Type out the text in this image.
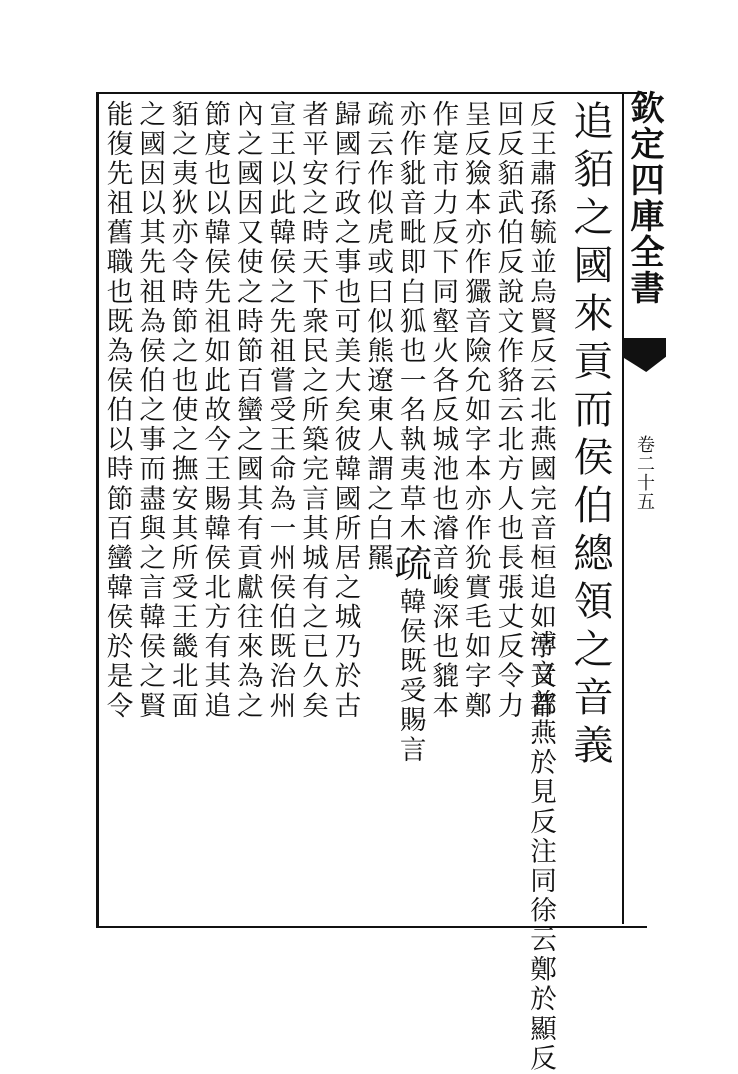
欽定四庫全書
卷二十五
追貊之國來貢而侯伯總領之音義
溥音普燕於見反注同徐云鄭於顯反
反王肅孫毓並烏賢反云北燕國完音桓追如字又都
回反貊武伯反說文作貉云北方人也長張丈反令力
呈反獫本亦作玁音險允如字本亦作狁實毛如字鄭
作寔市力反下同壑火各反城池也濬音峻深也貔本
亦作豼音毗即白狐也一名執夷草木疏韓侯既受賜言
疏云作似虎或曰似熊遼東人謂之白羆
歸國行政之事也可美大矣彼韓國所居之城乃於古
者平安之時天下衆民之所築完言其城有之已久矣
宣王以此韓侯之先祖嘗受王命為一州侯伯既治州
內之國因又使之時節百蠻之國其有貢獻往來為之
節度也以韓侯先祖如此故今王賜韓侯北方有其追
貊之夷狄亦令時節之也使之撫安其所受王畿北面
之國因以其先祖為侯伯之事而盡與之言韓侯之賢
能復先祖舊職也既為侯伯以時節百蠻韓侯於是令
